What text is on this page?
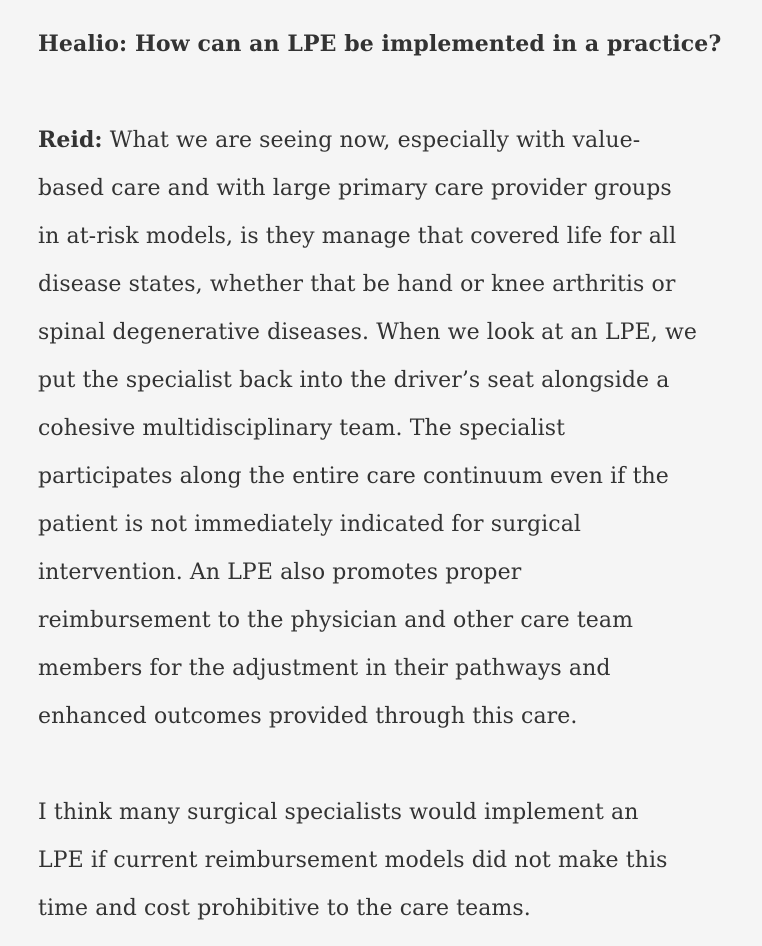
Healio: How can an LPE be implemented in a practice?

Reid: What we are seeing now, especially with value-
based care and with large primary care provider groups
in at-risk models, is they manage that covered life for all
disease states, whether that be hand or knee arthritis or
spinal degenerative diseases. When we look at an LPE, we
put the specialist back into the driver’s seat alongside a
cohesive multidisciplinary team. The specialist
participates along the entire care continuum even if the
patient is not immediately indicated for surgical
intervention. An LPE also promotes proper
reimbursement to the physician and other care team
members for the adjustment in their pathways and
enhanced outcomes provided through this care.

I think many surgical specialists would implement an
LPE if current reimbursement models did not make this
time and cost prohibitive to the care teams.
